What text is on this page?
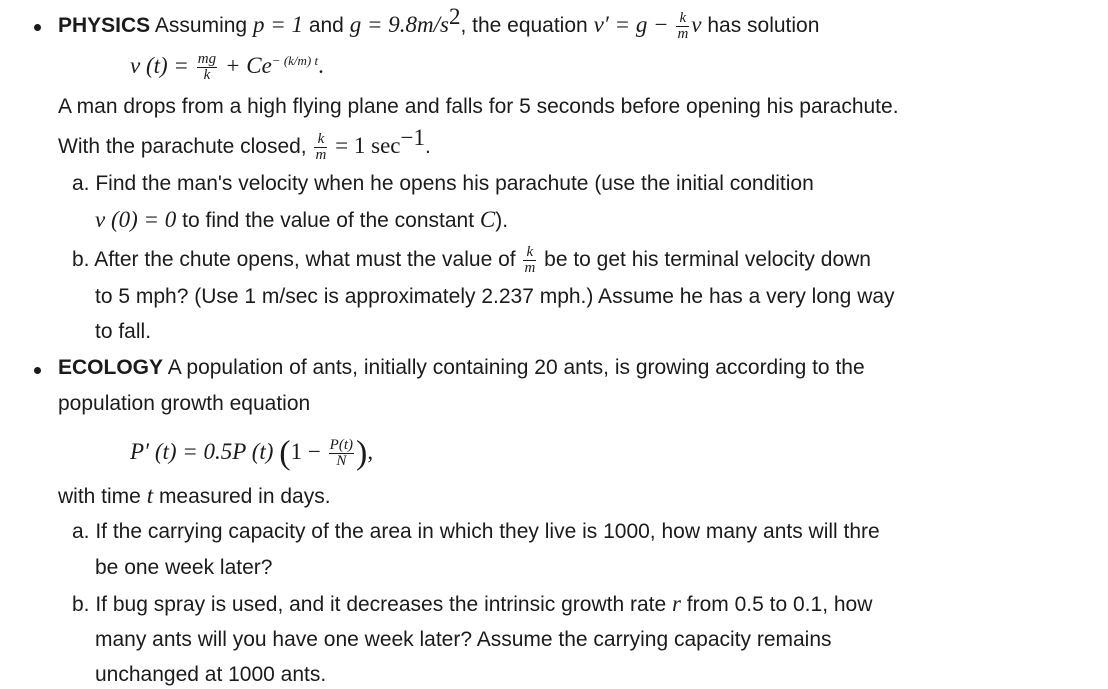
PHYSICS Assuming p = 1 and $g = 9.8m/s^2$, the equation $v' = g - \frac{k}{m}$ v has solution
v $(t) = \frac{mg}{k} + Ce^{- (k/m) t}$.
A man drops from a high flying plane and falls for 5 seconds before opening his parachute.
With the parachute closed, $\frac{k}{m} = 1$ $\sec^{-1}$.
a. Find the man's velocity when he opens his parachute (use the initial condition
v (0) = 0 to find the value of the constant C).
b. After the chute opens, what must the value of $\frac{k}{m}$ be to get his terminal velocity down
to 5 mph? (Use 1 m/sec is approximately 2.237 mph.) Assume he has a very long way
to fall.
ECOLOGY A population of ants, initially containing 20 ants, is growing according to the
population growth equation
P′ (t) = 0.5P (t) ($1 - \frac{P(t)}{N}$ ),
with time t measured in days.
a. If the carrying capacity of the area in which they live is 1000, how many ants will thre
be one week later?
b. If bug spray is used, and it decreases the intrinsic growth rate r from 0.5 to 0.1, how
many ants will you have one week later? Assume the carrying capacity remains
unchanged at 1000 ants.
